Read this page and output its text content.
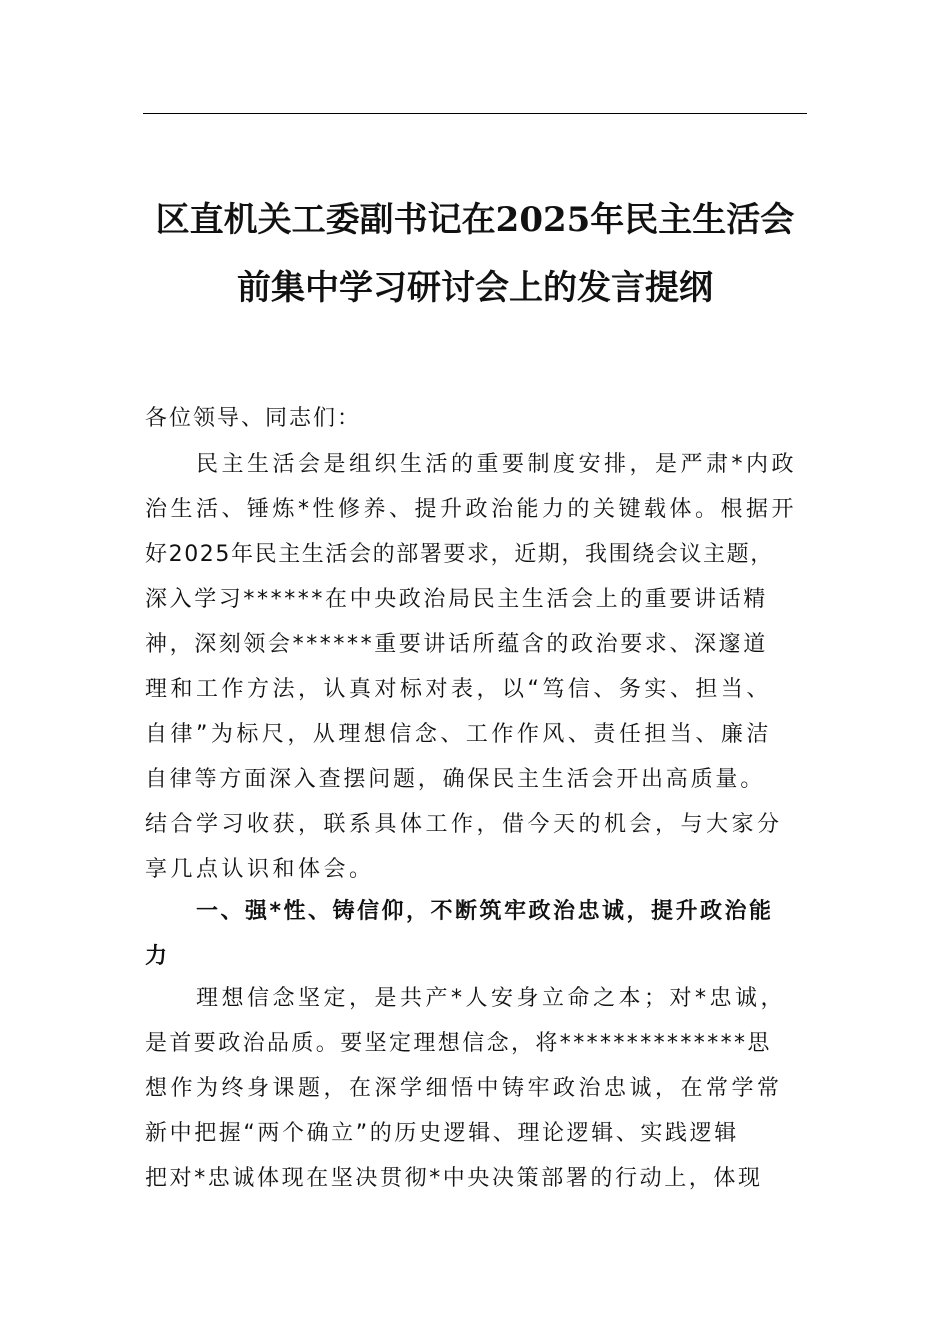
区直机关工委副书记在2025年民主生活会
前集中学习研讨会上的发言提纲

各位领导、同志们：

民主生活会是组织生活的重要制度安排，是严肃*内政
治生活、锤炼*性修养、提升政治能力的关键载体。根据开
好2025年民主生活会的部署要求，近期，我围绕会议主题，
深入学习******在中央政治局民主生活会上的重要讲话精
神，深刻领会******重要讲话所蕴含的政治要求、深邃道
理和工作方法，认真对标对表，以“笃信、务实、担当、
自律”为标尺，从理想信念、工作作风、责任担当、廉洁
自律等方面深入查摆问题，确保民主生活会开出高质量。
结合学习收获，联系具体工作，借今天的机会，与大家分
享几点认识和体会。

一、强*性、铸信仰，不断筑牢政治忠诚，提升政治能
力

理想信念坚定，是共产*人安身立命之本；对*忠诚，
是首要政治品质。要坚定理想信念，将**************思
想作为终身课题，在深学细悟中铸牢政治忠诚，在常学常
新中把握“两个确立”的历史逻辑、理论逻辑、实践逻辑
把对*忠诚体现在坚决贯彻*中央决策部署的行动上，体现
